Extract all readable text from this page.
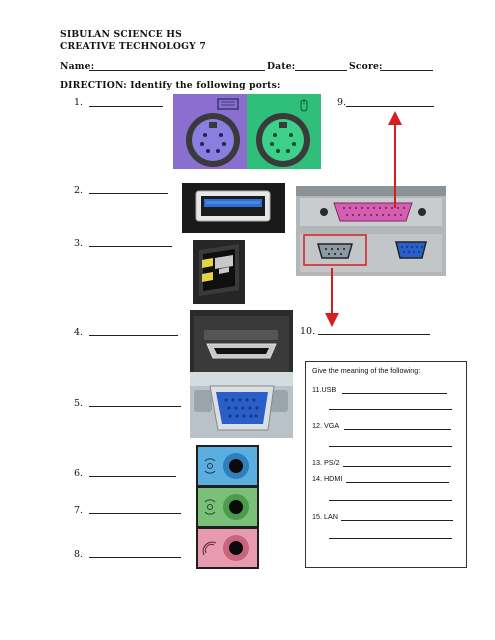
SIBULAN SCIENCE HS
CREATIVE TECHNOLOGY 7
Name:	Date:	Score:
DIRECTION: Identify the following ports:
1.
2.
3.
4.
5.
6.
7.
8.
9.
10.
Give the meaning of the following:
11.USB
12. VGA
13. PS/2
14. HDMI
15. LAN
